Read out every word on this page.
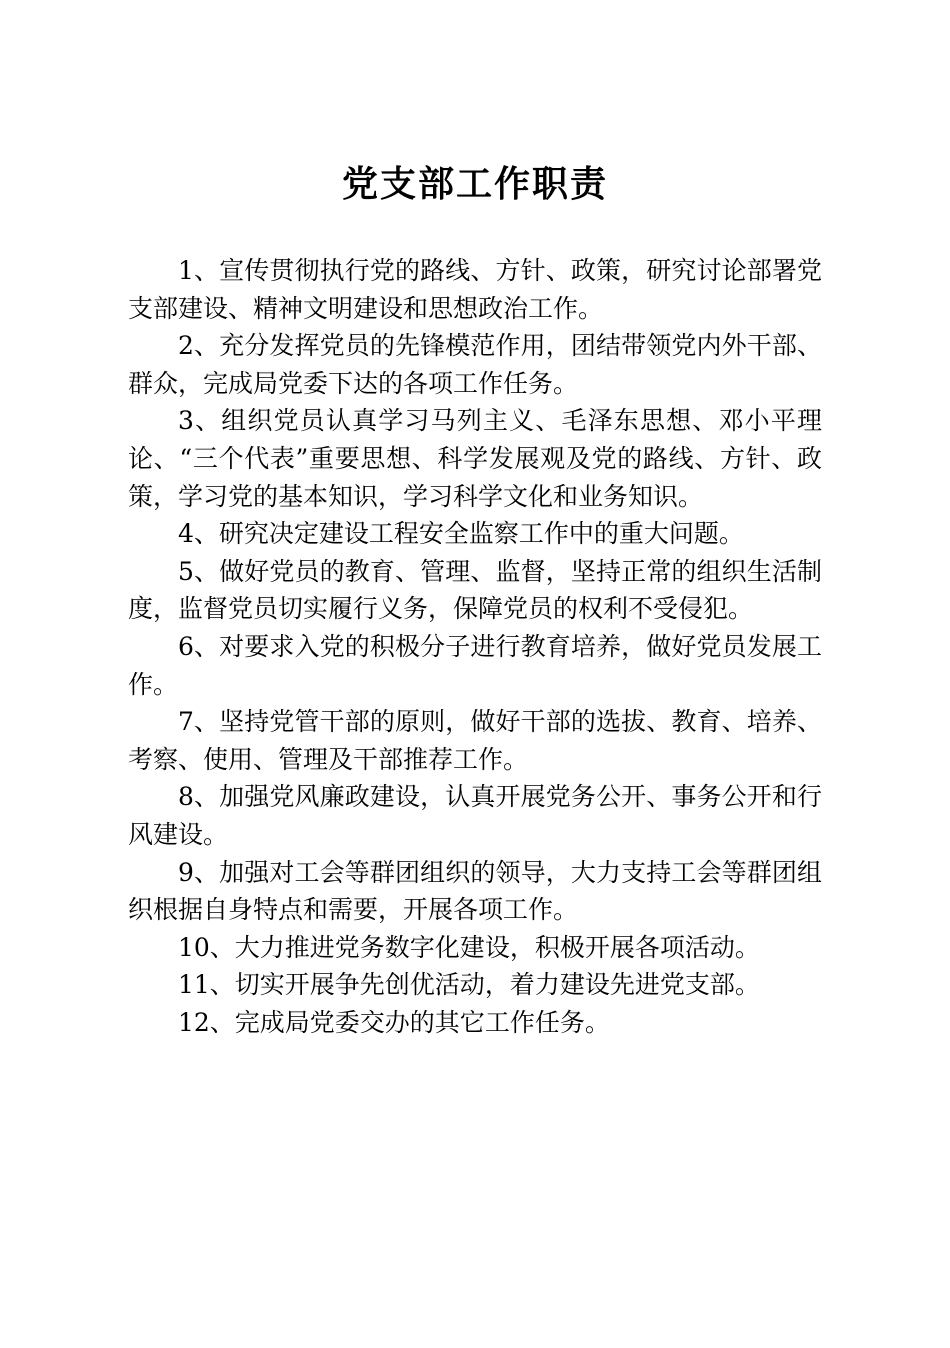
党支部工作职责

1、宣传贯彻执行党的路线、方针、政策，研究讨论部署党支部建设、精神文明建设和思想政治工作。

2、充分发挥党员的先锋模范作用，团结带领党内外干部、群众，完成局党委下达的各项工作任务。

3、组织党员认真学习马列主义、毛泽东思想、邓小平理论、“三个代表”重要思想、科学发展观及党的路线、方针、政策，学习党的基本知识，学习科学文化和业务知识。

4、研究决定建设工程安全监察工作中的重大问题。

5、做好党员的教育、管理、监督，坚持正常的组织生活制度，监督党员切实履行义务，保障党员的权利不受侵犯。

6、对要求入党的积极分子进行教育培养，做好党员发展工作。

7、坚持党管干部的原则，做好干部的选拔、教育、培养、考察、使用、管理及干部推荐工作。

8、加强党风廉政建设，认真开展党务公开、事务公开和行风建设。

9、加强对工会等群团组织的领导，大力支持工会等群团组织根据自身特点和需要，开展各项工作。

10、大力推进党务数字化建设，积极开展各项活动。

11、切实开展争先创优活动，着力建设先进党支部。

12、完成局党委交办的其它工作任务。
